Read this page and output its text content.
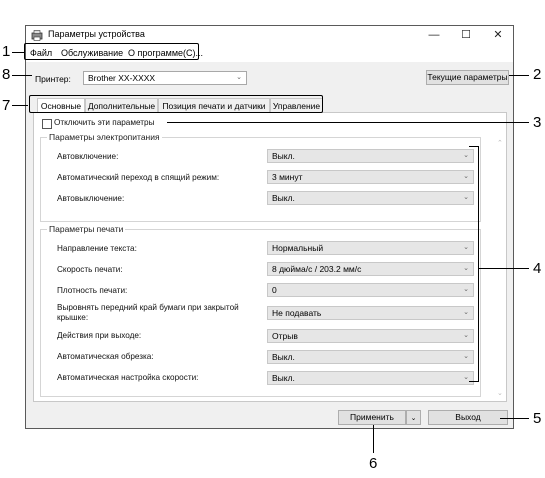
Параметры устройства	—	☐	✕
Файл Обслуживание О программе(C)...
Принтер:	Brother XX-XXXX	⌄	Текущие параметры
Основные Дополнительные Позиция печати и датчики Управление
Отключить эти параметры
Параметры электропитания
Автовключение:	Выкл.	⌄
Автоматический переход в спящий режим:	3 минут	⌄
Автовыключение:	Выкл.	⌄
Параметры печати
Направление текста:	Нормальный	⌄
Скорость печати:	8 дюйма/с / 203.2 мм/с	⌄
Плотность печати:	0	⌄
Выровнять передний край бумаги при закрытой крышке:	Не подавать	⌄
Действия при выходе:	Отрыв	⌄
Автоматическая обрезка:	Выкл.	⌄
Автоматическая настройка скорости:	Выкл.	⌄
⌃
⌄
Применить	⌄	Выход
1
8
7
2
3
4
5
6
